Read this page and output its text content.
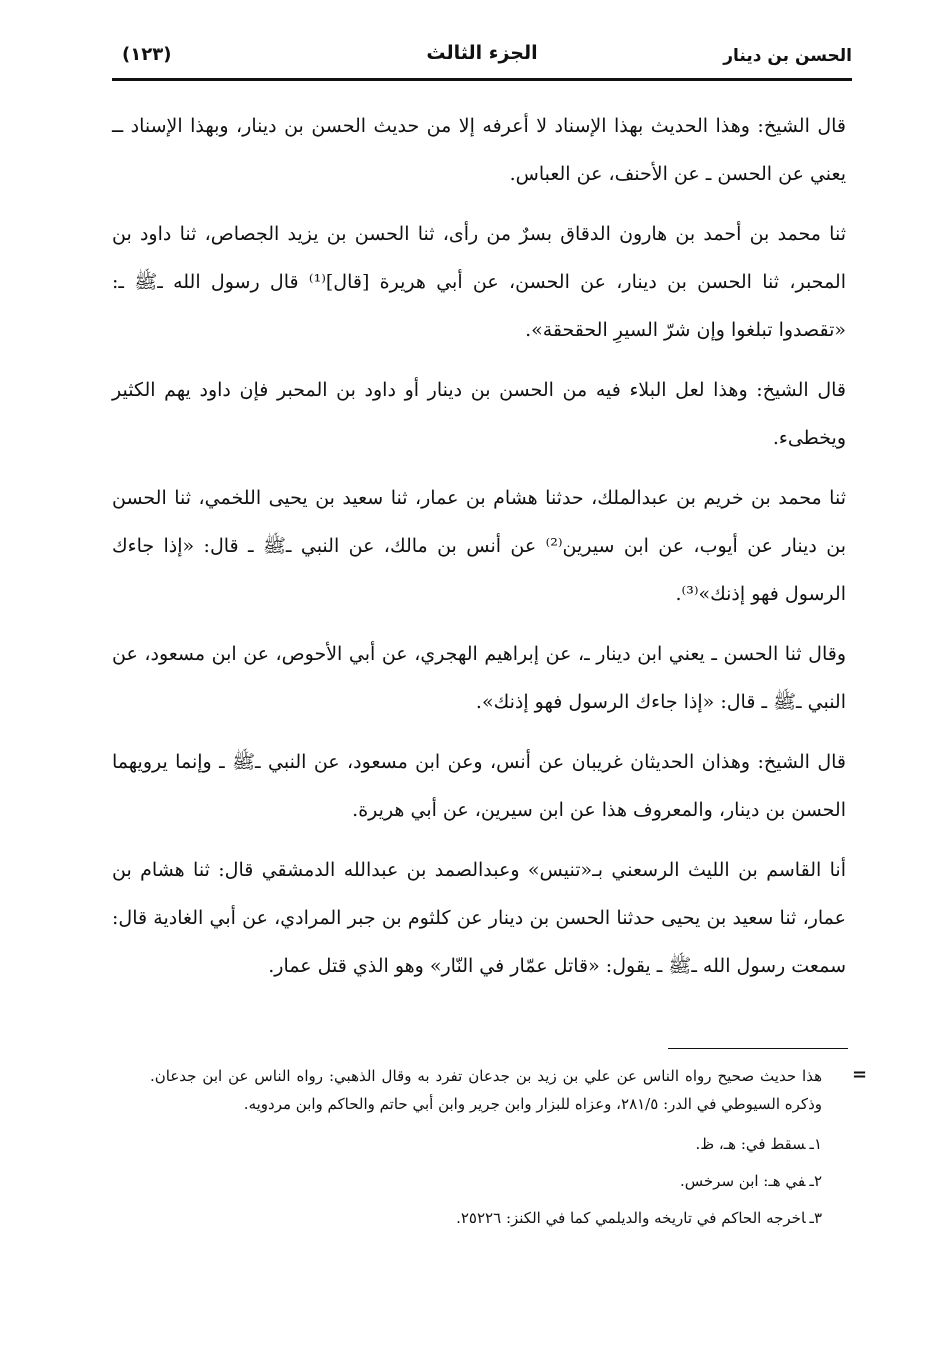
الحسن بن دينار
الجزء الثالث
(١٢٣)

قال الشيخ: وهذا الحديث بهذا الإسناد لا أعرفه إلا من حديث الحسن بن دينار، وبهذا الإسناد ــ يعني عن الحسن ـ عن الأحنف، عن العباس.

ثنا محمد بن أحمد بن هارون الدقاق بسرٌ من رأى، ثنا الحسن بن يزيد الجصاص، ثنا داود بن المحبر، ثنا الحسن بن دينار، عن الحسن، عن أبي هريرة [قال]⁽¹⁾ قال رسول الله ـﷺ ـ: «تقصدوا تبلغوا وإن شرّ السيرِ الحقحقة».

قال الشيخ: وهذا لعل البلاء فيه من الحسن بن دينار أو داود بن المحبر فإن داود يهم الكثير ويخطىء.

ثنا محمد بن خريم بن عبدالملك، حدثنا هشام بن عمار، ثنا سعيد بن يحيى اللخمي، ثنا الحسن بن دينار عن أيوب، عن ابن سيرين⁽²⁾ عن أنس بن مالك، عن النبي ـﷺ ـ قال: «إذا جاءك الرسول فهو إذنك»⁽³⁾.

وقال ثنا الحسن ـ يعني ابن دينار ـ، عن إبراهيم الهجري، عن أبي الأحوص، عن ابن مسعود، عن النبي ـﷺ ـ قال: «إذا جاءك الرسول فهو إذنك».

قال الشيخ: وهذان الحديثان غريبان عن أنس، وعن ابن مسعود، عن النبي ـﷺ ـ وإنما يرويهما الحسن بن دينار، والمعروف هذا عن ابن سيرين، عن أبي هريرة.

أنا القاسم بن الليث الرسعني بـ«تنيس» وعبدالصمد بن عبدالله الدمشقي قال: ثنا هشام بن عمار، ثنا سعيد بن يحيى حدثنا الحسن بن دينار عن كلثوم بن جبر المرادي، عن أبي الغادية قال: سمعت رسول الله ـﷺ ـ يقول: «قاتل عمّار في النّار» وهو الذي قتل عمار.

=

هذا حديث صحيح رواه الناس عن علي بن زيد بن جدعان تفرد به وقال الذهبي: رواه الناس عن ابن جدعان. وذكره السيوطي في الدر: ٢٨١/٥، وعزاه للبزار وابن جرير وابن أبي حاتم والحاكم وابن مردويه.

١ـسقط في: هـ، ظ.

٢ـفي هـ: ابن سرخس.

٣ـاخرجه الحاكم في تاريخه والديلمي كما في الكنز: ٢٥٢٢٦.
